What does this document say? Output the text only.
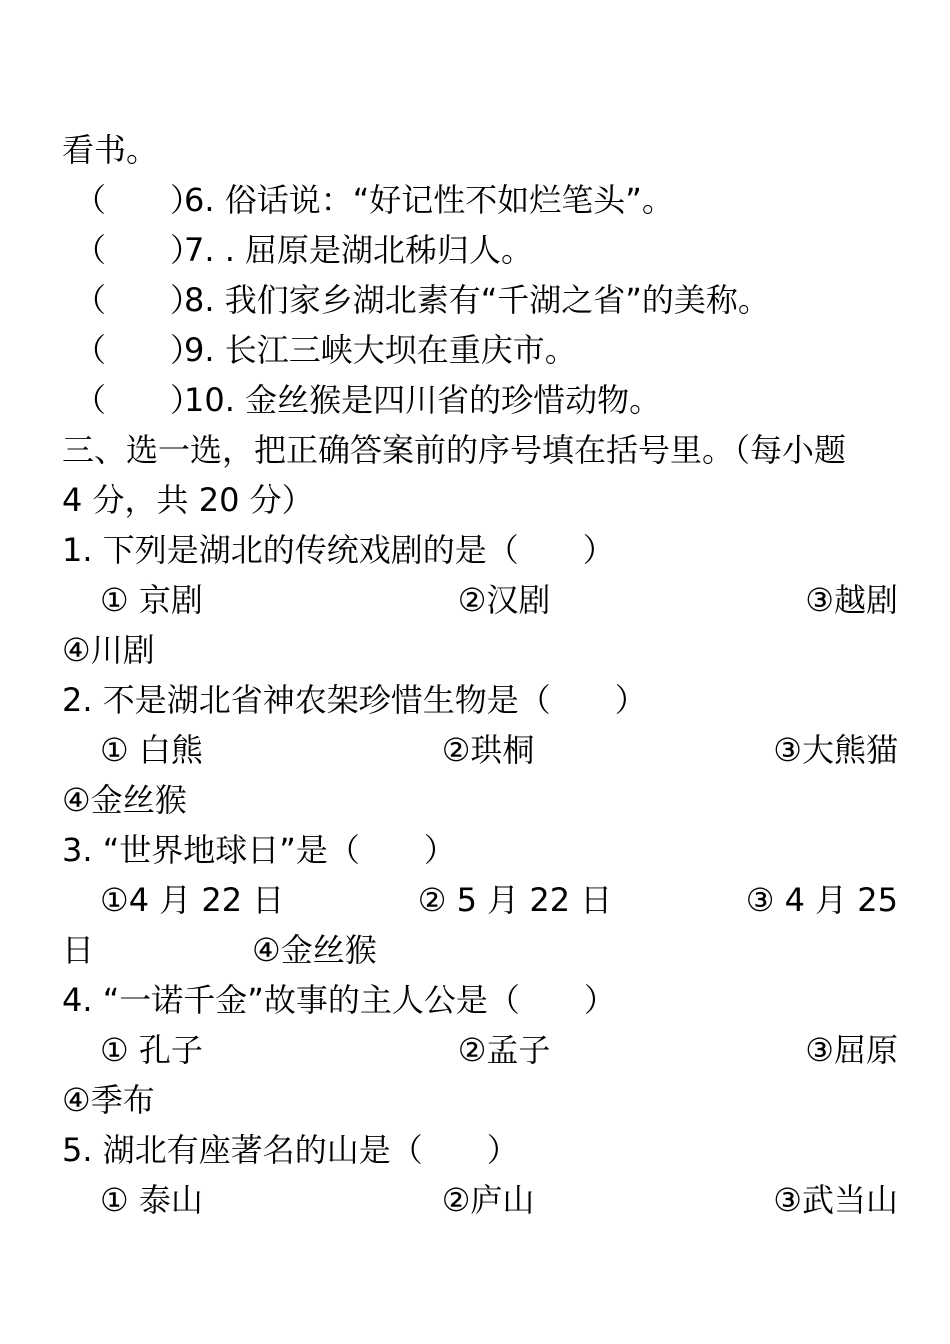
看书。
（　　）6. 俗话说：“好记性不如烂笔头”。
（　　）7. . 屈原是湖北秭归人。
（　　）8. 我们家乡湖北素有“千湖之省”的美称。
（　　）9. 长江三峡大坝在重庆市。
（　　）10. 金丝猴是四川省的珍惜动物。
三、选一选，把正确答案前的序号填在括号里。（每小题
4 分，共 20 分）
1. 下列是湖北的传统戏剧的是（　　）
① 京剧	②汉剧	③越剧
④川剧
2. 不是湖北省神农架珍惜生物是（　　）
① 白熊	②珙桐	③大熊猫
④金丝猴
3. “世界地球日”是（　　）
①4 月 22 日	② 5 月 22 日	③ 4 月 25
日	④金丝猴
4. “一诺千金”故事的主人公是（　　）
① 孔子	②孟子	③屈原
④季布
5. 湖北有座著名的山是（　　）
① 泰山	②庐山	③武当山
